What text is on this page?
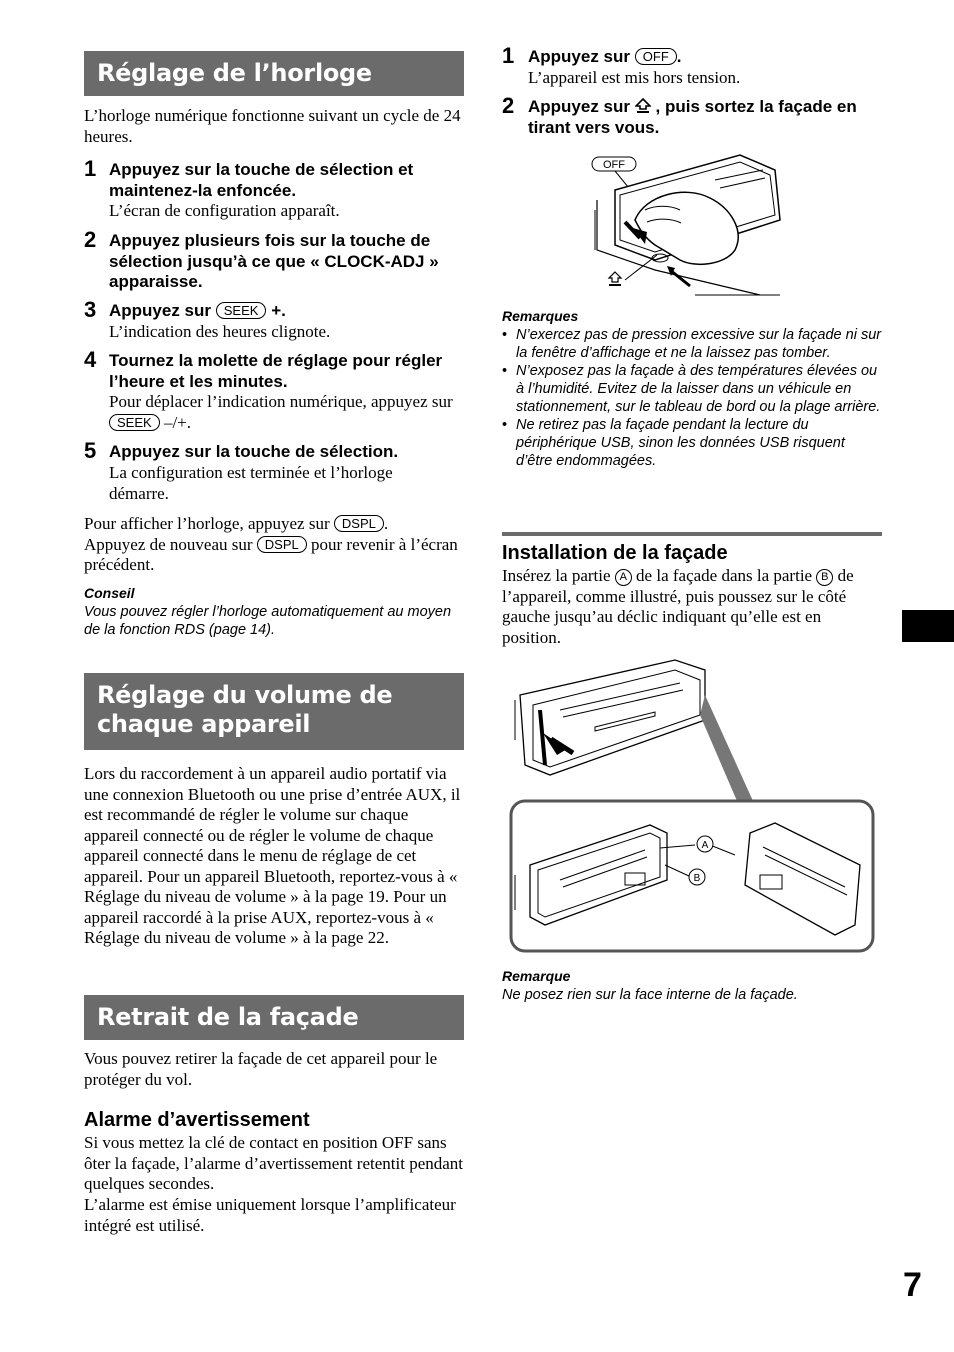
Réglage de l’horloge
L’horloge numérique fonctionne suivant un cycle de 24 heures.
1 Appuyez sur la touche de sélection et maintenez-la enfoncée.
L’écran de configuration apparaît.
2 Appuyez plusieurs fois sur la touche de sélection jusqu’à ce que « CLOCK-ADJ » apparaisse.
3 Appuyez sur SEEK +.
L’indication des heures clignote.
4 Tournez la molette de réglage pour régler l’heure et les minutes.
Pour déplacer l’indication numérique, appuyez sur SEEK –/+.
5 Appuyez sur la touche de sélection.
La configuration est terminée et l’horloge démarre.
Pour afficher l’horloge, appuyez sur DSPL .
Appuyez de nouveau sur DSPL pour revenir à l’écran précédent.
Conseil
Vous pouvez régler l’horloge automatiquement au moyen de la fonction RDS (page 14).
Réglage du volume de chaque appareil
Lors du raccordement à un appareil audio portatif via une connexion Bluetooth ou une prise d’entrée AUX, il est recommandé de régler le volume sur chaque appareil connecté ou de régler le volume de chaque appareil connecté dans le menu de réglage de cet appareil. Pour un appareil Bluetooth, reportez-vous à « Réglage du niveau de volume » à la page 19. Pour un appareil raccordé à la prise AUX, reportez-vous à « Réglage du niveau de volume » à la page 22.
Retrait de la façade
Vous pouvez retirer la façade de cet appareil pour le protéger du vol.
Alarme d’avertissement
Si vous mettez la clé de contact en position OFF sans ôter la façade, l’alarme d’avertissement retentit pendant quelques secondes.
L’alarme est émise uniquement lorsque l’amplificateur intégré est utilisé.
1 Appuyez sur OFF .
L’appareil est mis hors tension.
2 Appuyez sur , puis sortez la façade en tirant vers vous.
OFF
Remarques
• N’exercez pas de pression excessive sur la façade ni sur la fenêtre d’affichage et ne la laissez pas tomber.
• N’exposez pas la façade à des températures élevées ou à l’humidité. Evitez de la laisser dans un véhicule en stationnement, sur le tableau de bord ou la plage arrière.
• Ne retirez pas la façade pendant la lecture du périphérique USB, sinon les données USB risquent d’être endommagées.
Installation de la façade
Insérez la partie A de la façade dans la partie B de l’appareil, comme illustré, puis poussez sur le côté gauche jusqu’au déclic indiquant qu’elle est en position.
A
B
Remarque
Ne posez rien sur la face interne de la façade.
7
